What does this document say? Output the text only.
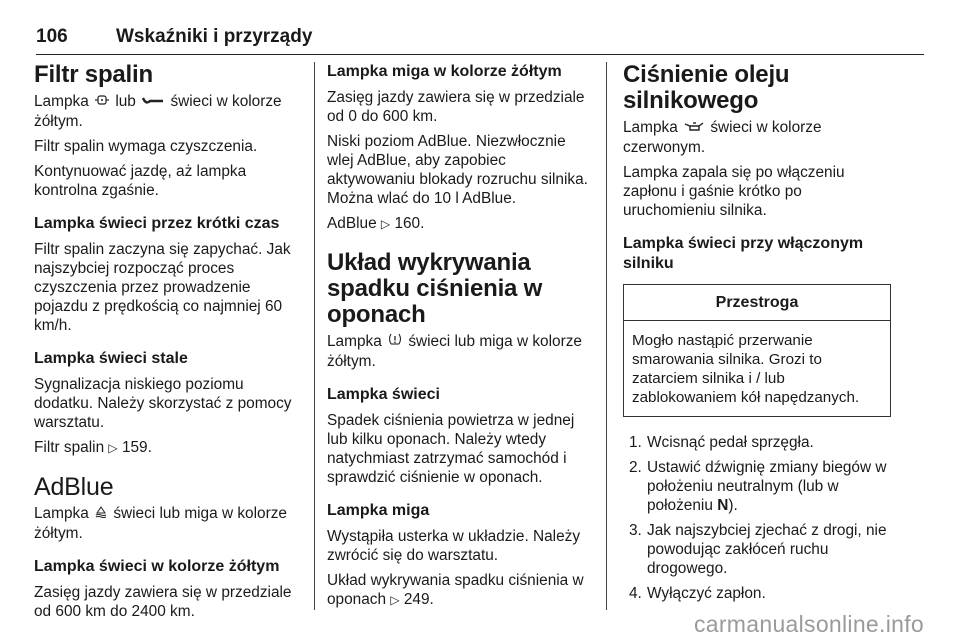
106	Wskaźniki i przyrządy
Filtr spalin

Lampka lub świeci w kolorze żółtym.

Filtr spalin wymaga czyszczenia.

Kontynuować jazdę, aż lampka kontrolna zgaśnie.

Lampka świeci przez krótki czas

Filtr spalin zaczyna się zapychać. Jak najszybciej rozpocząć proces czyszczenia przez prowadzenie pojazdu z prędkością co najmniej 60 km/h.

Lampka świeci stale

Sygnalizacja niskiego poziomu dodatku. Należy skorzystać z pomocy warsztatu.

Filtr spalin ▷ 159.

AdBlue

Lampka świeci lub miga w kolorze żółtym.

Lampka świeci w kolorze żółtym

Zasięg jazdy zawiera się w przedziale od 600 km do 2400 km.

Lampka miga w kolorze żółtym

Zasięg jazdy zawiera się w przedziale od 0 do 600 km.

Niski poziom AdBlue. Niezwłocznie wlej AdBlue, aby zapobiec aktywowaniu blokady rozruchu silnika. Można wlać do 10 l AdBlue.

AdBlue ▷ 160.

Układ wykrywania spadku ciśnienia w oponach

Lampka świeci lub miga w kolorze żółtym.

Lampka świeci

Spadek ciśnienia powietrza w jednej lub kilku oponach. Należy wtedy natychmiast zatrzymać samochód i sprawdzić ciśnienie w oponach.

Lampka miga

Wystąpiła usterka w układzie. Należy zwrócić się do warsztatu.

Układ wykrywania spadku ciśnienia w oponach ▷ 249.

Ciśnienie oleju silnikowego

Lampka świeci w kolorze czerwonym.

Lampka zapala się po włączeniu zapłonu i gaśnie krótko po uruchomieniu silnika.

Lampka świeci przy włączonym silniku
Przestroga
Mogło nastąpić przerwanie smarowania silnika. Grozi to zatarciem silnika i / lub zablokowaniem kół napędzanych.
1. Wcisnąć pedał sprzęgła.
2. Ustawić dźwignię zmiany biegów w położeniu neutralnym (lub w położeniu N).
3. Jak najszybciej zjechać z drogi, nie powodując zakłóceń ruchu drogowego.
4. Wyłączyć zapłon.
carmanualsonline.info
